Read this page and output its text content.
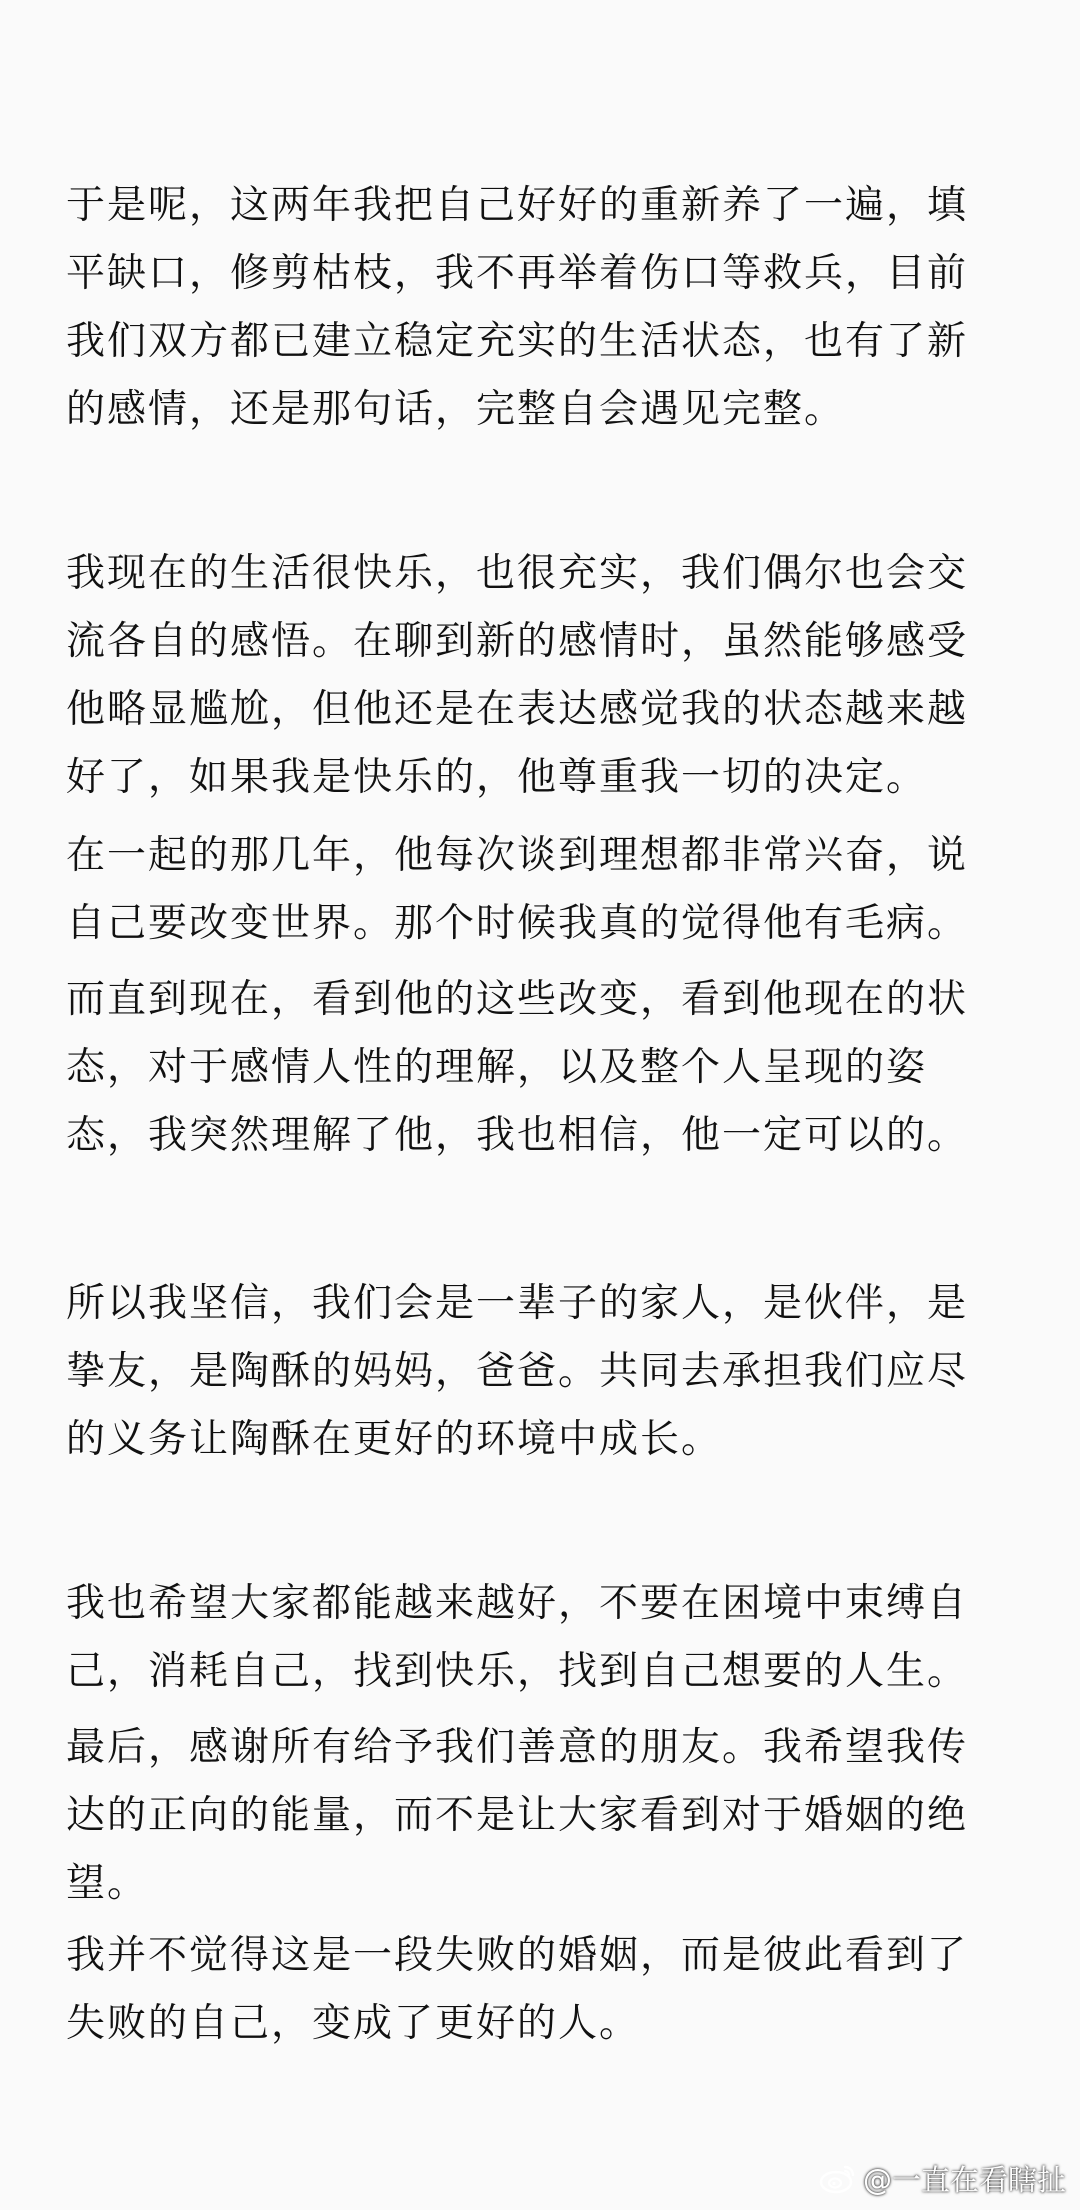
于是呢，这两年我把自己好好的重新养了一遍，填
平缺口，修剪枯枝，我不再举着伤口等救兵，目前
我们双方都已建立稳定充实的生活状态，也有了新
的感情，还是那句话，完整自会遇见完整。
我现在的生活很快乐，也很充实，我们偶尔也会交
流各自的感悟。在聊到新的感情时，虽然能够感受
他略显尴尬，但他还是在表达感觉我的状态越来越
好了，如果我是快乐的，他尊重我一切的决定。
在一起的那几年，他每次谈到理想都非常兴奋，说
自己要改变世界。那个时候我真的觉得他有毛病。
而直到现在，看到他的这些改变，看到他现在的状
态，对于感情人性的理解，以及整个人呈现的姿
态，我突然理解了他，我也相信，他一定可以的。
所以我坚信，我们会是一辈子的家人，是伙伴，是
挚友，是陶酥的妈妈，爸爸。共同去承担我们应尽
的义务让陶酥在更好的环境中成长。
我也希望大家都能越来越好，不要在困境中束缚自
己，消耗自己，找到快乐，找到自己想要的人生。
最后，感谢所有给予我们善意的朋友。我希望我传
达的正向的能量，而不是让大家看到对于婚姻的绝
望。
我并不觉得这是一段失败的婚姻，而是彼此看到了
失败的自己，变成了更好的人。
@一直在看瞎扯
